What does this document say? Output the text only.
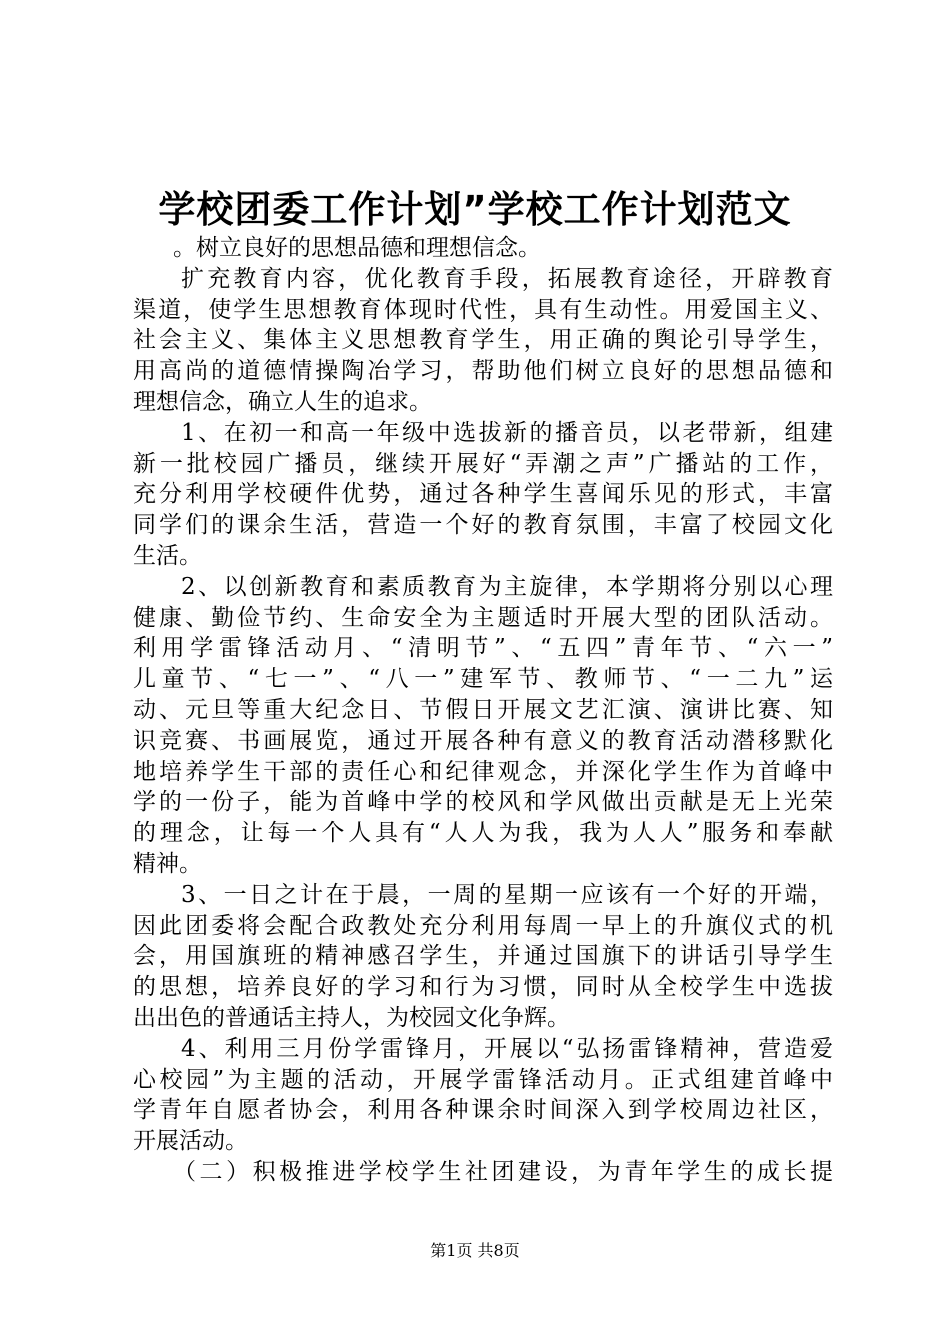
学校团委工作计划”学校工作计划范文
。树立良好的思想品德和理想信念。
扩充教育内容，优化教育手段，拓展教育途径，开辟教育
渠道，使学生思想教育体现时代性，具有生动性。用爱国主义、
社会主义、集体主义思想教育学生，用正确的舆论引导学生，
用高尚的道德情操陶冶学习，帮助他们树立良好的思想品德和
理想信念，确立人生的追求。
1、在初一和高一年级中选拔新的播音员，以老带新，组建
新一批校园广播员，继续开展好“弄潮之声”广播站的工作，
充分利用学校硬件优势，通过各种学生喜闻乐见的形式，丰富
同学们的课余生活，营造一个好的教育氛围，丰富了校园文化
生活。
2、以创新教育和素质教育为主旋律，本学期将分别以心理
健康、勤俭节约、生命安全为主题适时开展大型的团队活动。
利用学雷锋活动月、“清明节”、“五四”青年节、“六一”
儿童节、“七一”、“八一”建军节、教师节、“一二九”运
动、元旦等重大纪念日、节假日开展文艺汇演、演讲比赛、知
识竞赛、书画展览，通过开展各种有意义的教育活动潜移默化
地培养学生干部的责任心和纪律观念，并深化学生作为首峰中
学的一份子，能为首峰中学的校风和学风做出贡献是无上光荣
的理念，让每一个人具有“人人为我，我为人人”服务和奉献
精神。
3、一日之计在于晨，一周的星期一应该有一个好的开端，
因此团委将会配合政教处充分利用每周一早上的升旗仪式的机
会，用国旗班的精神感召学生，并通过国旗下的讲话引导学生
的思想，培养良好的学习和行为习惯，同时从全校学生中选拔
出出色的普通话主持人，为校园文化争辉。
4、利用三月份学雷锋月，开展以“弘扬雷锋精神，营造爱
心校园”为主题的活动，开展学雷锋活动月。正式组建首峰中
学青年自愿者协会，利用各种课余时间深入到学校周边社区，
开展活动。
（二）积极推进学校学生社团建设，为青年学生的成长提
第1页 共8页
